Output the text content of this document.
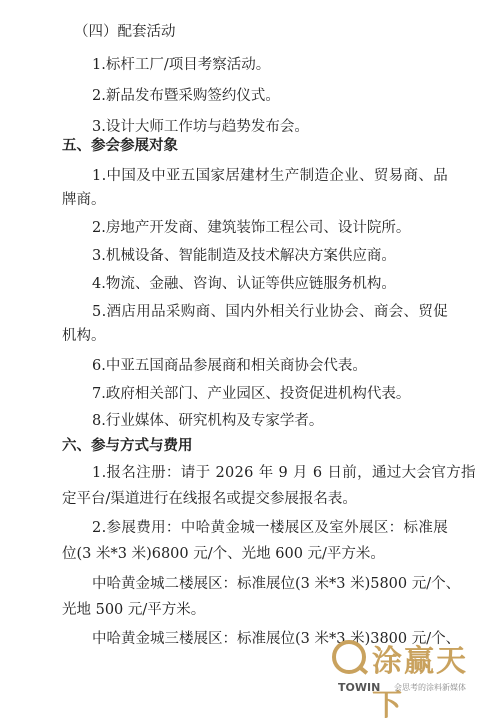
（四）配套活动
1.标杆工厂/项目考察活动。
2.新品发布暨采购签约仪式。
3.设计大师工作坊与趋势发布会。
五、参会参展对象
1.中国及中亚五国家居建材生产制造企业、贸易商、品
牌商。
2.房地产开发商、建筑装饰工程公司、设计院所。
3.机械设备、智能制造及技术解决方案供应商。
4.物流、金融、咨询、认证等供应链服务机构。
5.酒店用品采购商、国内外相关行业协会、商会、贸促
机构。
6.中亚五国商品参展商和相关商协会代表。
7.政府相关部门、产业园区、投资促进机构代表。
8.行业媒体、研究机构及专家学者。
六、参与方式与费用
1.报名注册：请于 2026 年 9 月 6 日前，通过大会官方指
定平台/渠道进行在线报名或提交参展报名表。
2.参展费用：中哈黄金城一楼展区及室外展区：标准展
位(3 米*3 米)6800 元/个、光地 600 元/平方米。
中哈黄金城二楼展区：标准展位(3 米*3 米)5800 元/个、
光地 500 元/平方米。
中哈黄金城三楼展区：标准展位(3 米*3 米)3800 元/个、
涂赢天下
TOWIN 会思考的涂料新媒体
